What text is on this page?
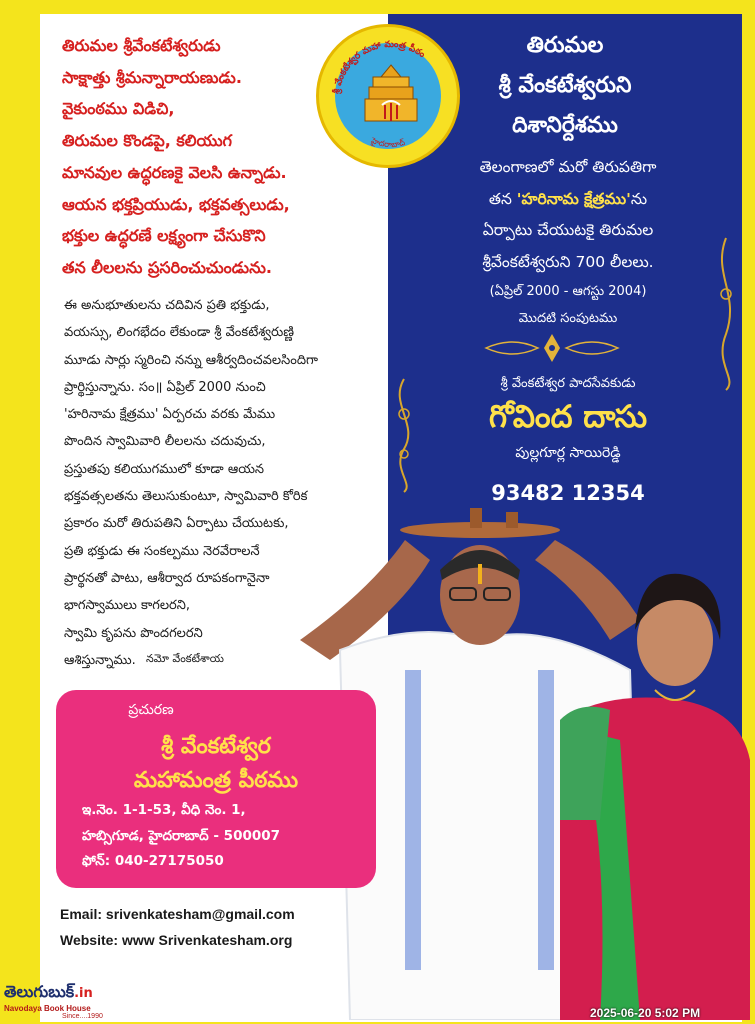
తిరుమల శ్రీవేంకటేశ్వరుడు
సాక్షాత్తు శ్రీమన్నారాయణుడు.
వైకుంఠము విడిచి,
తిరుమల కొండపై, కలియుగ
మానవుల ఉద్ధరణకై వెలసి ఉన్నాడు.
ఆయన భక్తప్రియుడు, భక్తవత్సలుడు,
భక్తుల ఉద్ధరణే లక్ష్యంగా చేసుకొని
తన లీలలను ప్రసరించుచుండును.
శ్రీ వేంకటేశ్వర మహా మంత్ర పీఠం
హైదరాబాద్
ఈ అనుభూతులను చదివిన ప్రతి భక్తుడు,
వయస్సు, లింగభేదం లేకుండా శ్రీ వేంకటేశ్వరుణ్ణి
మూడు సార్లు స్మరించి నన్ను ఆశీర్వదించవలసిందిగా
ప్రార్థిస్తున్నాను. సం॥ ఏప్రిల్ 2000 నుంచి
'హరినామ క్షేత్రము' ఏర్పరచు వరకు మేము
పొందిన స్వామివారి లీలలను చదువుచు,
ప్రస్తుతపు కలియుగములో కూడా ఆయన
భక్తవత్సలతను తెలుసుకుంటూ, స్వామివారి కోరిక
ప్రకారం మరో తిరుపతిని ఏర్పాటు చేయుటకు,
ప్రతి భక్తుడు ఈ సంకల్పము నెరవేరాలనే
ప్రార్థనతో పాటు, ఆశీర్వాద రూపకంగానైనా
భాగస్వాములు కాగలరని,
స్వామి కృపను పొందగలరని
ఆశిస్తున్నాము. నమో వేంకటేశాయ
తిరుమల
శ్రీ వేంకటేశ్వరుని
దిశానిర్దేశము
తెలంగాణలో మరో తిరుపతిగా
తన 'హరినామ క్షేత్రము'ను
ఏర్పాటు చేయుటకై తిరుమల
శ్రీవేంకటేశ్వరుని 700 లీలలు.
(ఏప్రిల్ 2000 - ఆగస్టు 2004)
మొదటి సంపుటము
శ్రీ వేంకటేశ్వర పాదసేవకుడు
గోవింద దాసు
పుల్లగూర్ల సాయిరెడ్డి
93482 12354
ప్రచురణ
శ్రీ వేంకటేశ్వర
మహామంత్ర పీఠము
ఇ.నెం. 1-1-53, వీధి నెం. 1,
హబ్సిగూడ, హైదరాబాద్ - 500007
ఫోన్: 040-27175050
Email: srivenkatesham@gmail.com
Website: www Srivenkatesham.org
తెలుగుబుక్.in
Navodaya Book House
Since....1990	2025-06-20 5:02 PM
